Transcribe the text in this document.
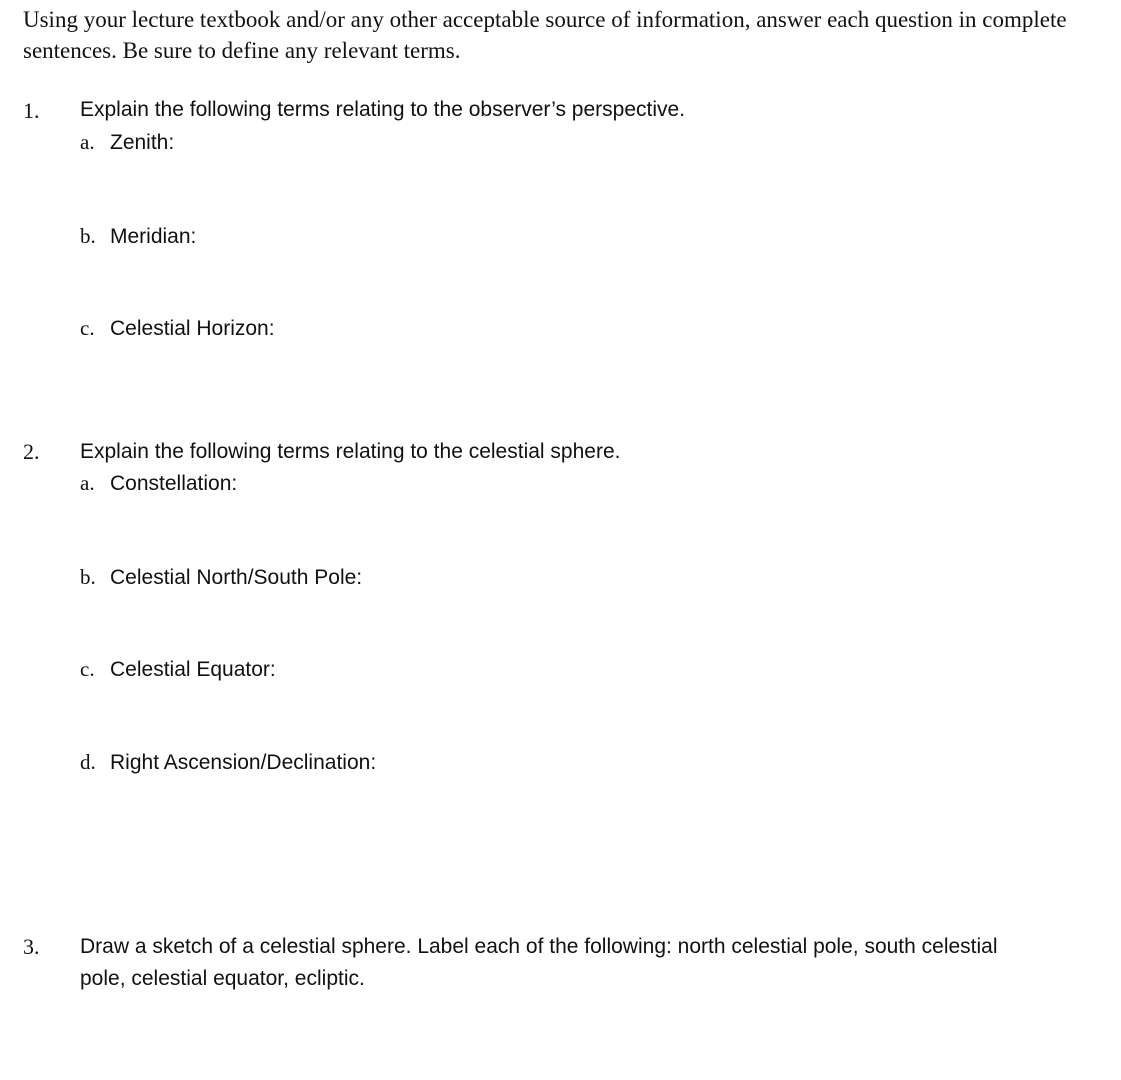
Using your lecture textbook and/or any other acceptable source of information, answer each question in complete sentences. Be sure to define any relevant terms.

1. Explain the following terms relating to the observer’s perspective.

a. Zenith:

b. Meridian:

c. Celestial Horizon:

2. Explain the following terms relating to the celestial sphere.

a. Constellation:

b. Celestial North/South Pole:

c. Celestial Equator:

d. Right Ascension/Declination:

3. Draw a sketch of a celestial sphere. Label each of the following: north celestial pole, south celestial pole, celestial equator, ecliptic.
